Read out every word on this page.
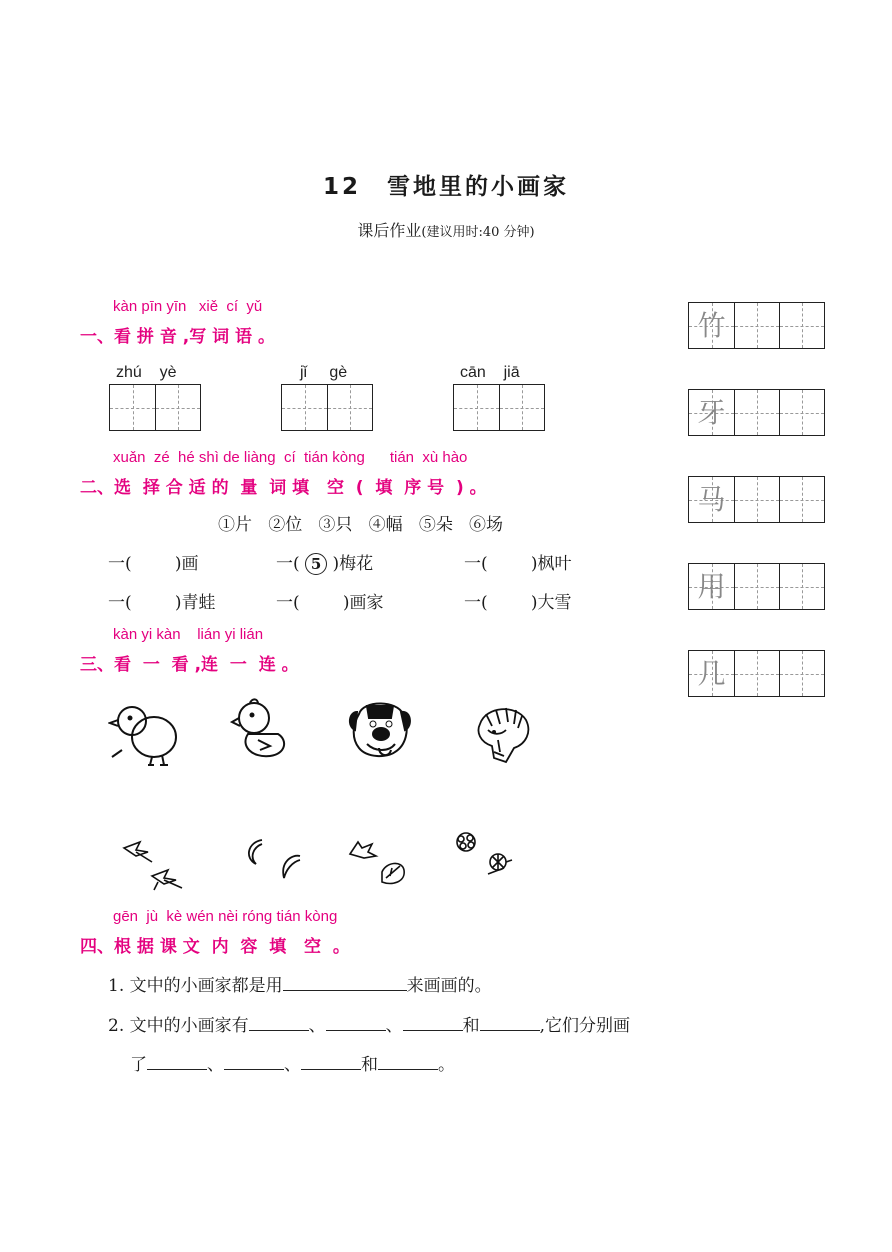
12 雪地里的小画家
课后作业(建议用时:40 分钟)
kàn pīn yīn   xiě  cí  yǔ
一、看 拼 音 ,写 词 语 。
zhú    yè	jǐ     gè	cān    jiā
竹
牙
马
用
几
xuǎn  zé  hé shì de liàng  cí  tián kòng      tián  xù hào
二、选  择 合 适 的  量  词 填   空  (  填  序 号  ) 。
①片   ②位   ③只   ④幅   ⑤朵   ⑥场
一(        )画	一( 5 )梅花	一(        )枫叶
一(        )青蛙	一(        )画家	一(        )大雪
kàn yi kàn    lián yi lián
三、看  一  看 ,连  一  连 。
gēn  jù  kè wén nèi róng tián kòng
四、根 据 课 文  内  容  填   空  。
1. 文中的小画家都是用	来画画的。
2. 文中的小画家有	、	、	和	,它们分别画
了	、	、	和	。
